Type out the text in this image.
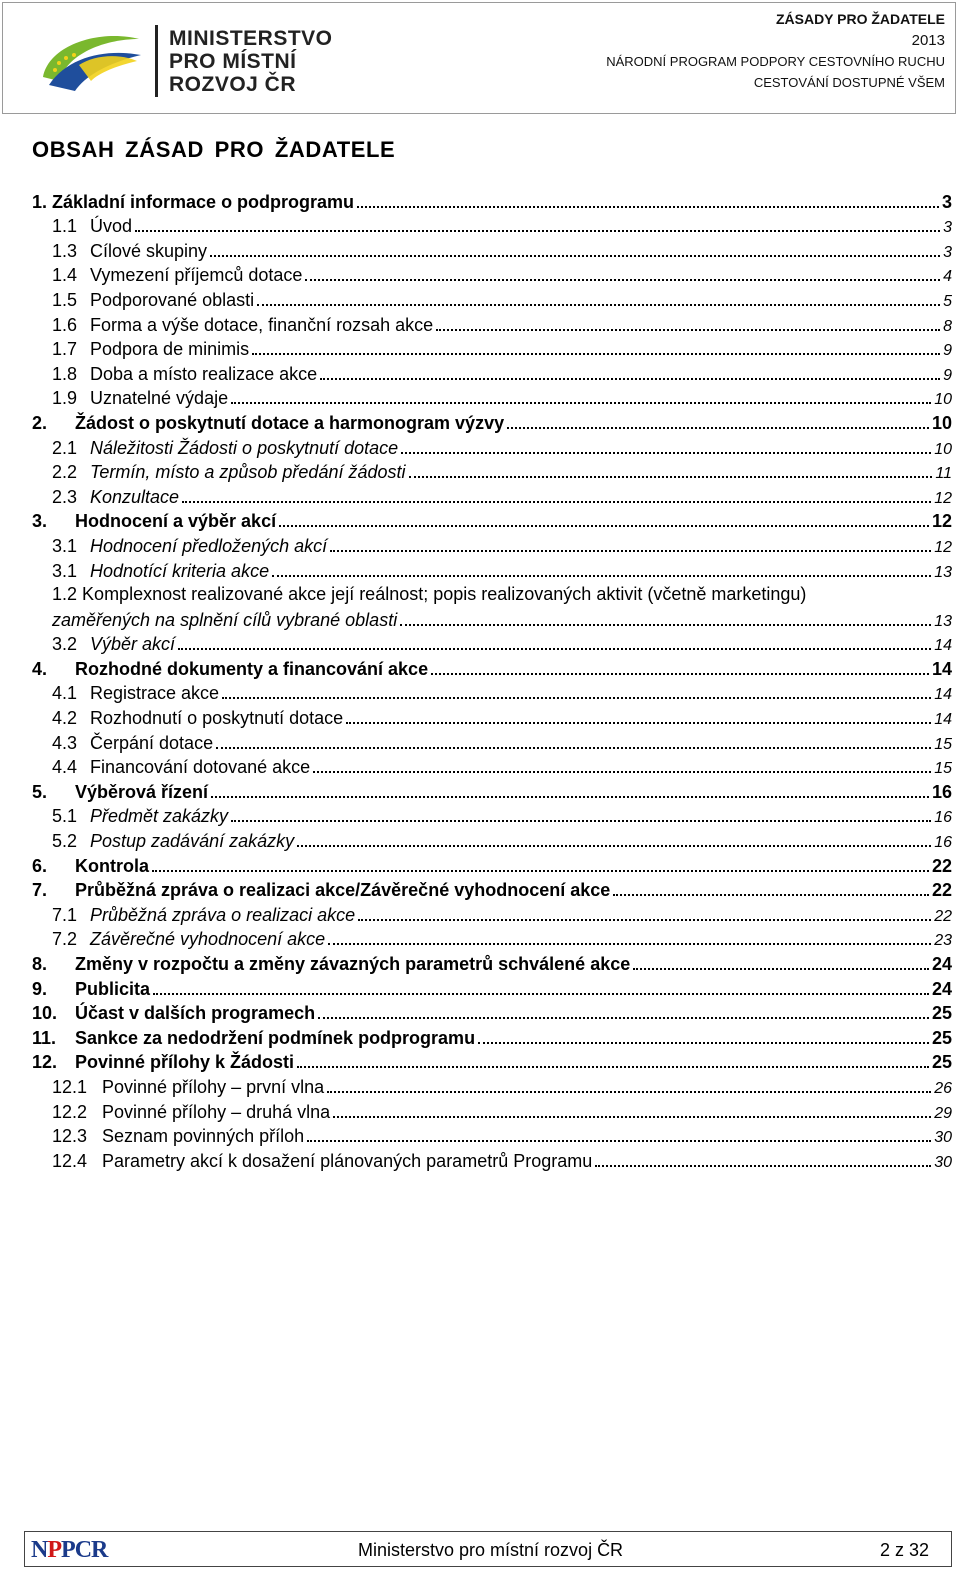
MINISTERSTVO
PRO MÍSTNÍ
ROZVOJ ČR
ZÁSADY PRO ŽADATELE
2013
NÁRODNÍ PROGRAM PODPORY CESTOVNÍHO RUCHU
CESTOVÁNÍ DOSTUPNÉ VŠEM
OBSAH ZÁSAD PRO ŽADATELE
1. Základní informace o podprogramu	3
1.1 Úvod	3
1.3 Cílové skupiny	3
1.4 Vymezení příjemců dotace	4
1.5 Podporované oblasti	5
1.6 Forma a výše dotace, finanční rozsah akce	8
1.7 Podpora de minimis	9
1.8 Doba a místo realizace akce	9
1.9 Uznatelné výdaje	10
2.	Žádost o poskytnutí dotace a harmonogram výzvy	10
2.1 Náležitosti Žádosti o poskytnutí dotace	10
2.2 Termín, místo a způsob předání žádosti	11
2.3 Konzultace	12
3.	Hodnocení a výběr akcí	12
3.1 Hodnocení předložených akcí	12
3.1 Hodnotící kriteria akce	13
1.2 Komplexnost realizované akce její reálnost; popis realizovaných aktivit (včetně marketingu)
zaměřených na splnění cílů vybrané oblasti	13
3.2 Výběr akcí	14
4.	Rozhodné dokumenty a financování akce	14
4.1 Registrace akce	14
4.2 Rozhodnutí o poskytnutí dotace	14
4.3 Čerpání dotace	15
4.4 Financování dotované akce	15
5.	Výběrová řízení	16
5.1 Předmět zakázky	16
5.2 Postup zadávání zakázky	16
6.	Kontrola	22
7.	Průběžná zpráva o realizaci akce/Závěrečné vyhodnocení akce	22
7.1 Průběžná zpráva o realizaci akce	22
7.2 Závěrečné vyhodnocení akce	23
8.	Změny v rozpočtu a změny závazných parametrů schválené akce	24
9.	Publicita	24
10. Účast v dalších programech	25
11.	Sankce za nedodržení podmínek podprogramu	25
12. Povinné přílohy k Žádosti	25
12.1 Povinné přílohy – první vlna	26
12.2 Povinné přílohy – druhá vlna	29
12.3 Seznam povinných příloh	30
12.4 Parametry akcí k dosažení plánovaných parametrů Programu	30
NPPCR	Ministerstvo pro místní rozvoj ČR	2 z 32
